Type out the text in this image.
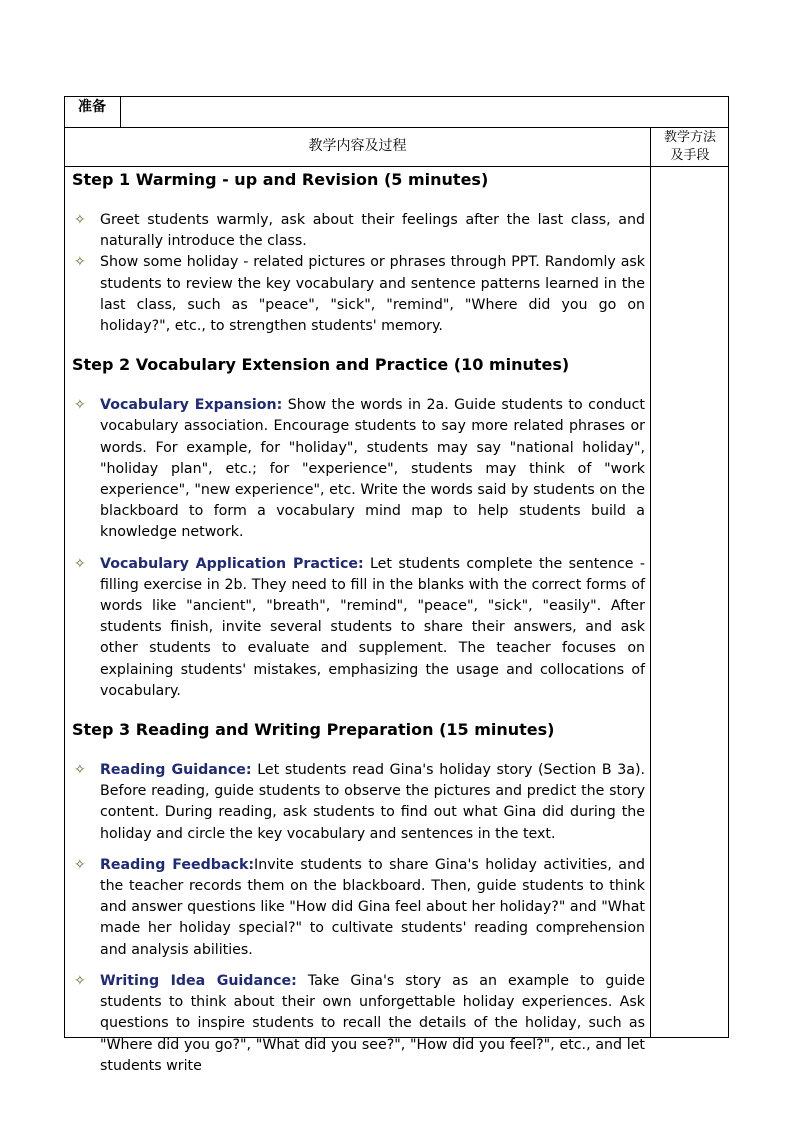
准备
教学内容及过程
教学方法
及手段
Step 1 Warming - up and Revision (5 minutes)

✧ Greet students warmly, ask about their feelings after the last class, and naturally introduce the class.

✧ Show some holiday - related pictures or phrases through PPT. Randomly ask students to review the key vocabulary and sentence patterns learned in the last class, such as "peace", "sick", "remind", "Where did you go on holiday?", etc., to strengthen students' memory.

Step 2 Vocabulary Extension and Practice (10 minutes)

✧ Vocabulary Expansion: Show the words in 2a. Guide students to conduct vocabulary association. Encourage students to say more related phrases or words. For example, for "holiday", students may say "national holiday", "holiday plan", etc.; for "experience", students may think of "work experience", "new experience", etc. Write the words said by students on the blackboard to form a vocabulary mind map to help students build a knowledge network.

✧ Vocabulary Application Practice: Let students complete the sentence - filling exercise in 2b. They need to fill in the blanks with the correct forms of words like "ancient", "breath", "remind", "peace", "sick", "easily". After students finish, invite several students to share their answers, and ask other students to evaluate and supplement. The teacher focuses on explaining students' mistakes, emphasizing the usage and collocations of vocabulary.

Step 3 Reading and Writing Preparation (15 minutes)

✧ Reading Guidance: Let students read Gina's holiday story (Section B 3a). Before reading, guide students to observe the pictures and predict the story content. During reading, ask students to find out what Gina did during the holiday and circle the key vocabulary and sentences in the text.

✧ Reading Feedback:Invite students to share Gina's holiday activities, and the teacher records them on the blackboard. Then, guide students to think and answer questions like "How did Gina feel about her holiday?" and "What made her holiday special?" to cultivate students' reading comprehension and analysis abilities.

✧ Writing Idea Guidance: Take Gina's story as an example to guide students to think about their own unforgettable holiday experiences. Ask questions to inspire students to recall the details of the holiday, such as "Where did you go?", "What did you see?", "How did you feel?", etc., and let students write
